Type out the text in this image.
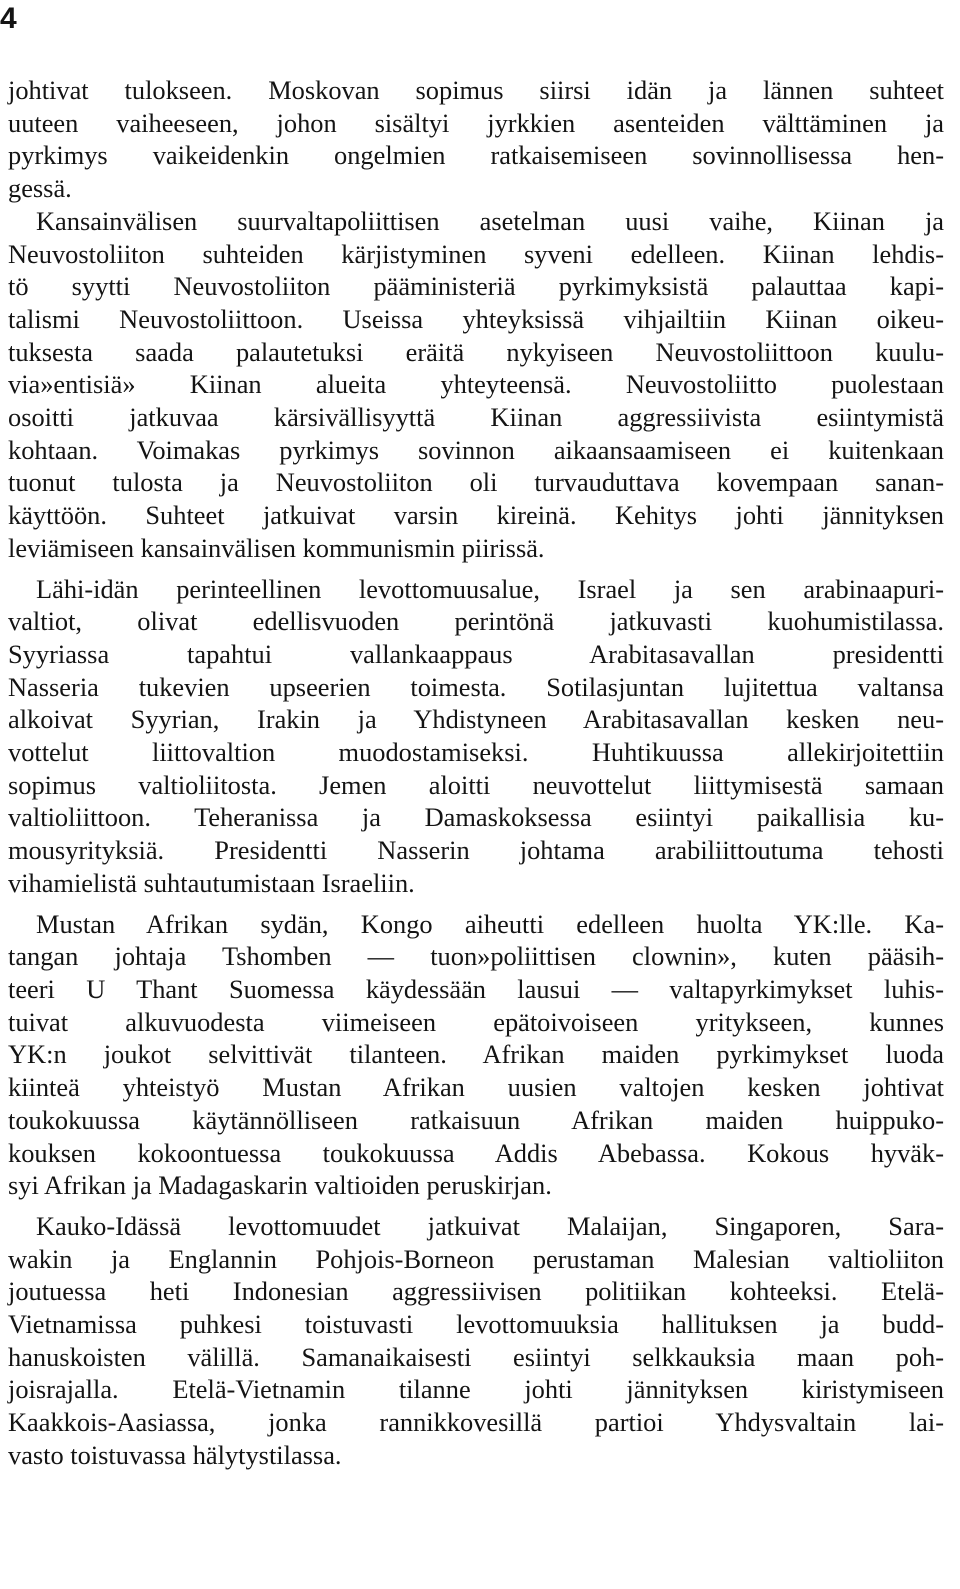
4
johtivat tulokseen. Moskovan sopimus siirsi idän ja lännen suhteet
uuteen vaiheeseen, johon sisältyi jyrkkien asenteiden välttäminen ja
pyrkimys vaikeidenkin ongelmien ratkaisemiseen sovinnollisessa hen-
gessä.
Kansainvälisen suurvaltapoliittisen asetelman uusi vaihe, Kiinan ja
Neuvostoliiton suhteiden kärjistyminen syveni edelleen. Kiinan lehdis-
tö syytti Neuvostoliiton pääministeriä pyrkimyksistä palauttaa kapi-
talismi Neuvostoliittoon. Useissa yhteyksissä vihjailtiin Kiinan oikeu-
tuksesta saada palautetuksi eräitä nykyiseen Neuvostoliittoon kuulu-
via»entisiä» Kiinan alueita yhteyteensä. Neuvostoliitto puolestaan
osoitti jatkuvaa kärsivällisyyttä Kiinan aggressiivista esiintymistä
kohtaan. Voimakas pyrkimys sovinnon aikaansaamiseen ei kuitenkaan
tuonut tulosta ja Neuvostoliiton oli turvauduttava kovempaan sanan-
käyttöön. Suhteet jatkuivat varsin kireinä. Kehitys johti jännityksen
leviämiseen kansainvälisen kommunismin piirissä.
Lähi-idän perinteellinen levottomuusalue, Israel ja sen arabinaapuri-
valtiot, olivat edellisvuoden perintönä jatkuvasti kuohumistilassa.
Syyriassa tapahtui vallankaappaus Arabitasavallan presidentti
Nasseria tukevien upseerien toimesta. Sotilasjuntan lujitettua valtansa
alkoivat Syyrian, Irakin ja Yhdistyneen Arabitasavallan kesken neu-
vottelut liittovaltion muodostamiseksi. Huhtikuussa allekirjoitettiin
sopimus valtioliitosta. Jemen aloitti neuvottelut liittymisestä samaan
valtioliittoon. Teheranissa ja Damaskoksessa esiintyi paikallisia ku-
mousyrityksiä. Presidentti Nasserin johtama arabiliittoutuma tehosti
vihamielistä suhtautumistaan Israeliin.
Mustan Afrikan sydän, Kongo aiheutti edelleen huolta YK:lle. Ka-
tangan johtaja Tshomben — tuon»poliittisen clownin», kuten pääsih-
teeri U Thant Suomessa käydessään lausui — valtapyrkimykset luhis-
tuivat alkuvuodesta viimeiseen epätoivoiseen yritykseen, kunnes
YK:n joukot selvittivät tilanteen. Afrikan maiden pyrkimykset luoda
kiinteä yhteistyö Mustan Afrikan uusien valtojen kesken johtivat
toukokuussa käytännölliseen ratkaisuun Afrikan maiden huippuko-
kouksen kokoontuessa toukokuussa Addis Abebassa. Kokous hyväk-
syi Afrikan ja Madagaskarin valtioiden peruskirjan.
Kauko-Idässä levottomuudet jatkuivat Malaijan, Singaporen, Sara-
wakin ja Englannin Pohjois-Borneon perustaman Malesian valtioliiton
joutuessa heti Indonesian aggressiivisen politiikan kohteeksi. Etelä-
Vietnamissa puhkesi toistuvasti levottomuuksia hallituksen ja budd-
hanuskoisten välillä. Samanaikaisesti esiintyi selkkauksia maan poh-
joisrajalla. Etelä-Vietnamin tilanne johti jännityksen kiristymiseen
Kaakkois-Aasiassa, jonka rannikkovesillä partioi Yhdysvaltain lai-
vasto toistuvassa hälytystilassa.
